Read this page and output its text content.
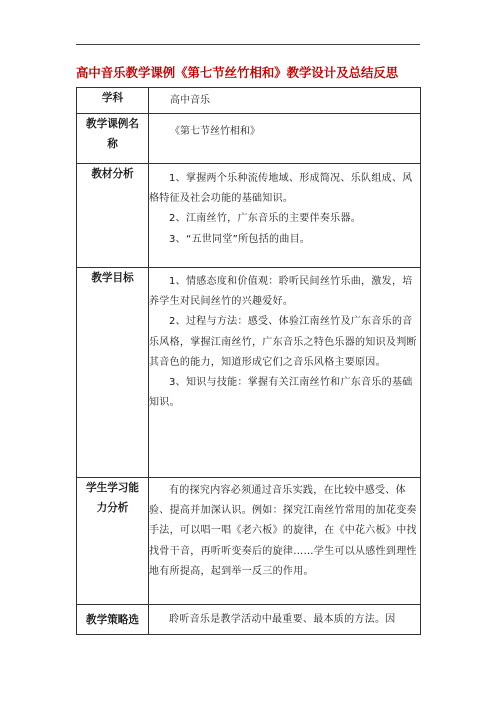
高中音乐教学课例《第七节丝竹相和》教学设计及总结反思
学科	高中音乐

教学课例名
称	《第七节丝竹相和》

教材分析	1、掌握两个乐种流传地域、形成简况、乐队组成、风格特征及社会功能的基础知识。

2、江南丝竹，广东音乐的主要伴奏乐器。

3、“五世同堂”所包括的曲目。

教学目标	1、情感态度和价值观：聆听民间丝竹乐曲，激发，培养学生对民间丝竹的兴趣爱好。

2、过程与方法：感受、体验江南丝竹及广东音乐的音乐风格，掌握江南丝竹，广东音乐之特色乐器的知识及判断其音色的能力，知道形成它们之音乐风格主要原因。

3、知识与技能：掌握有关江南丝竹和广东音乐的基础知识。

学生学习能
力分析	有的探究内容必须通过音乐实践，在比较中感受、体验、提高并加深认识。例如：探究江南丝竹常用的加花变奏手法，可以唱一唱《老六板》的旋律，在《中花六板》中找找骨干音，再听听变奏后的旋律……学生可以从感性到理性地有所提高，起到举一反三的作用。

教学策略选	聆听音乐是教学活动中最重要、最本质的方法。因
